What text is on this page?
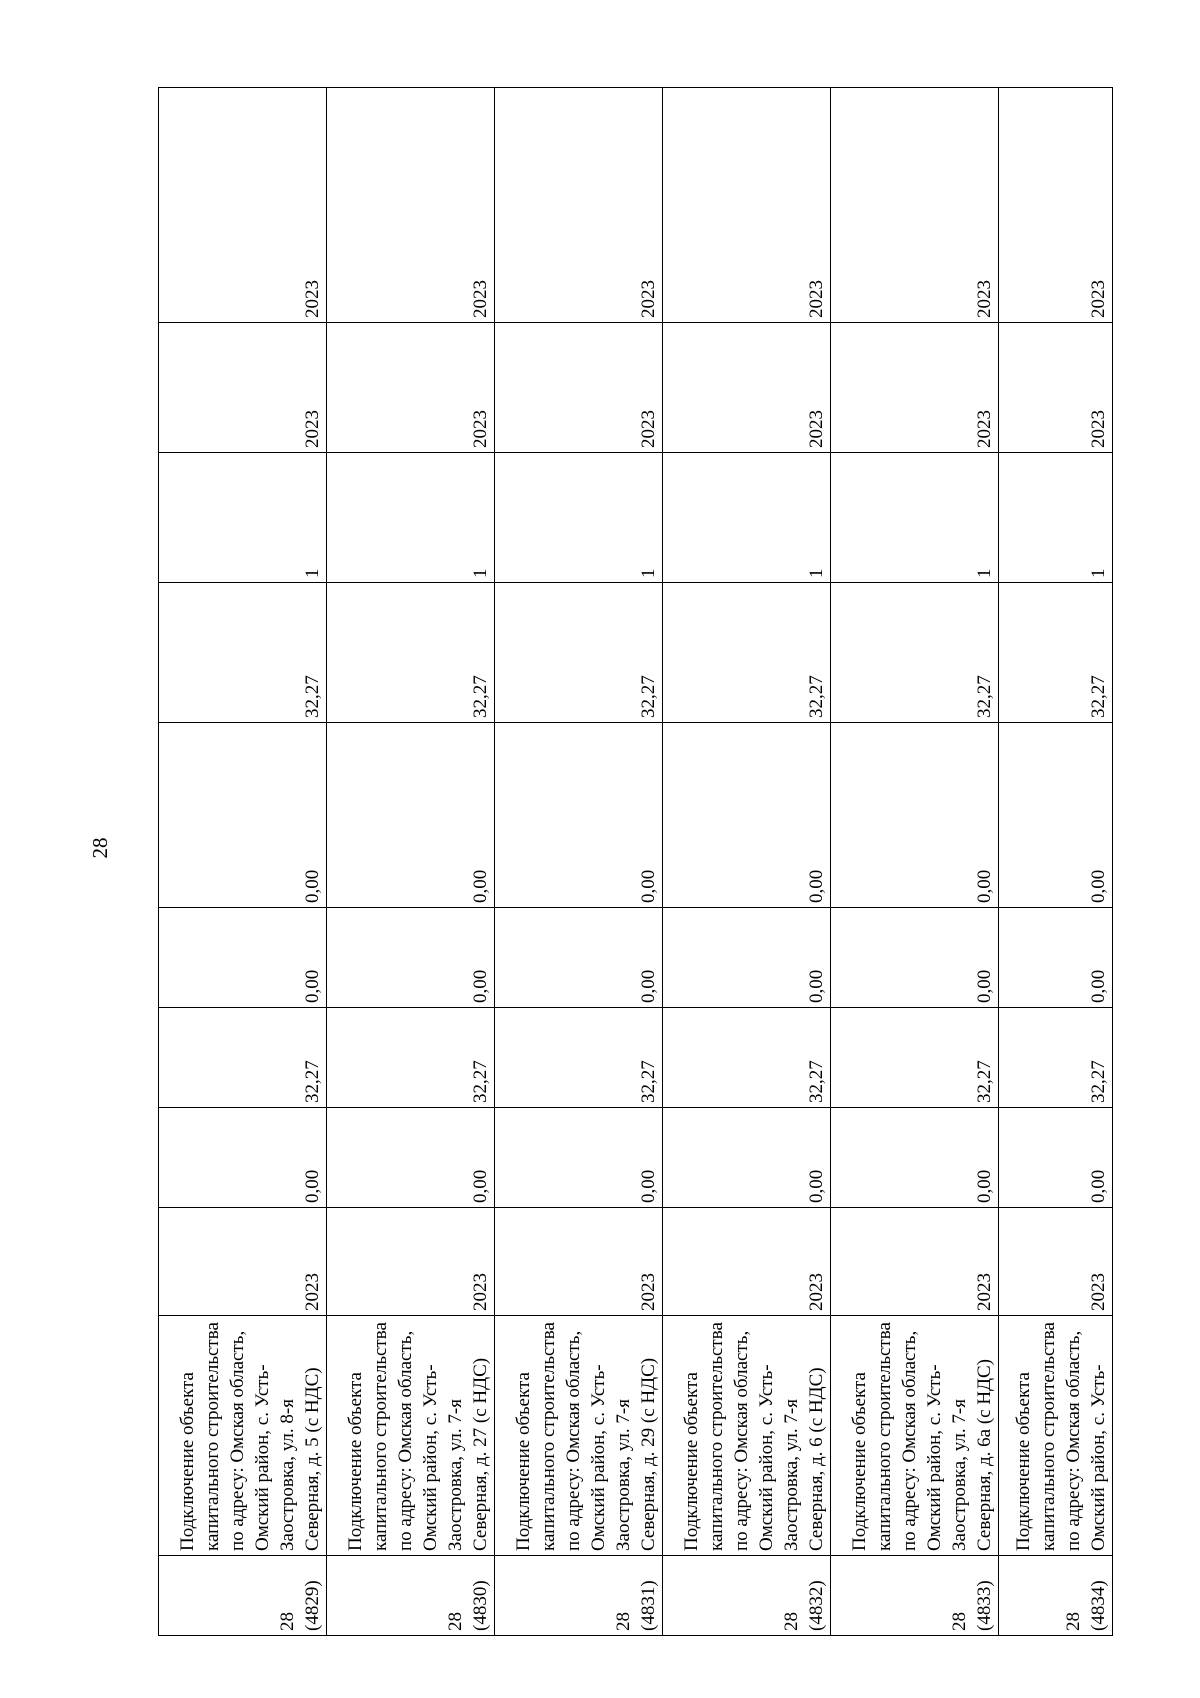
28
28 (4829)	Подключение объекта капитального строительства по адресу: Омская область, Омский район, с. Усть-Заостровка, ул. 8-я Северная, д. 5 (с НДС)	2023	0,00	32,27	0,00	0,00	32,27	1	2023	2023
28 (4830)	Подключение объекта капитального строительства по адресу: Омская область, Омский район, с. Усть-Заостровка, ул. 7-я Северная, д. 27 (с НДС)	2023	0,00	32,27	0,00	0,00	32,27	1	2023	2023
28 (4831)	Подключение объекта капитального строительства по адресу: Омская область, Омский район, с. Усть-Заостровка, ул. 7-я Северная, д. 29 (с НДС)	2023	0,00	32,27	0,00	0,00	32,27	1	2023	2023
28 (4832)	Подключение объекта капитального строительства по адресу: Омская область, Омский район, с. Усть-Заостровка, ул. 7-я Северная, д. 6 (с НДС)	2023	0,00	32,27	0,00	0,00	32,27	1	2023	2023
28 (4833)	Подключение объекта капитального строительства по адресу: Омская область, Омский район, с. Усть-Заостровка, ул. 7-я Северная, д. 6а (с НДС)	2023	0,00	32,27	0,00	0,00	32,27	1	2023	2023
28 (4834)	Подключение объекта капитального строительства по адресу: Омская область, Омский район, с. Усть-	2023	0,00	32,27	0,00	0,00	32,27	1	2023	2023
